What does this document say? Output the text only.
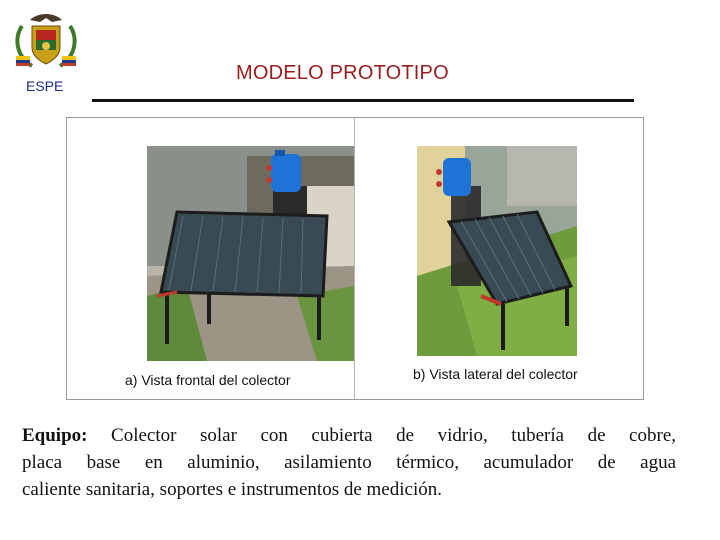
ESPE
MODELO PROTOTIPO
a) Vista frontal del colector	b) Vista lateral del colector
Equipo: Colector solar con cubierta de vidrio, tubería de cobre,
placa base en aluminio, asilamiento térmico, acumulador de agua
caliente sanitaria, soportes e instrumentos de medición.
